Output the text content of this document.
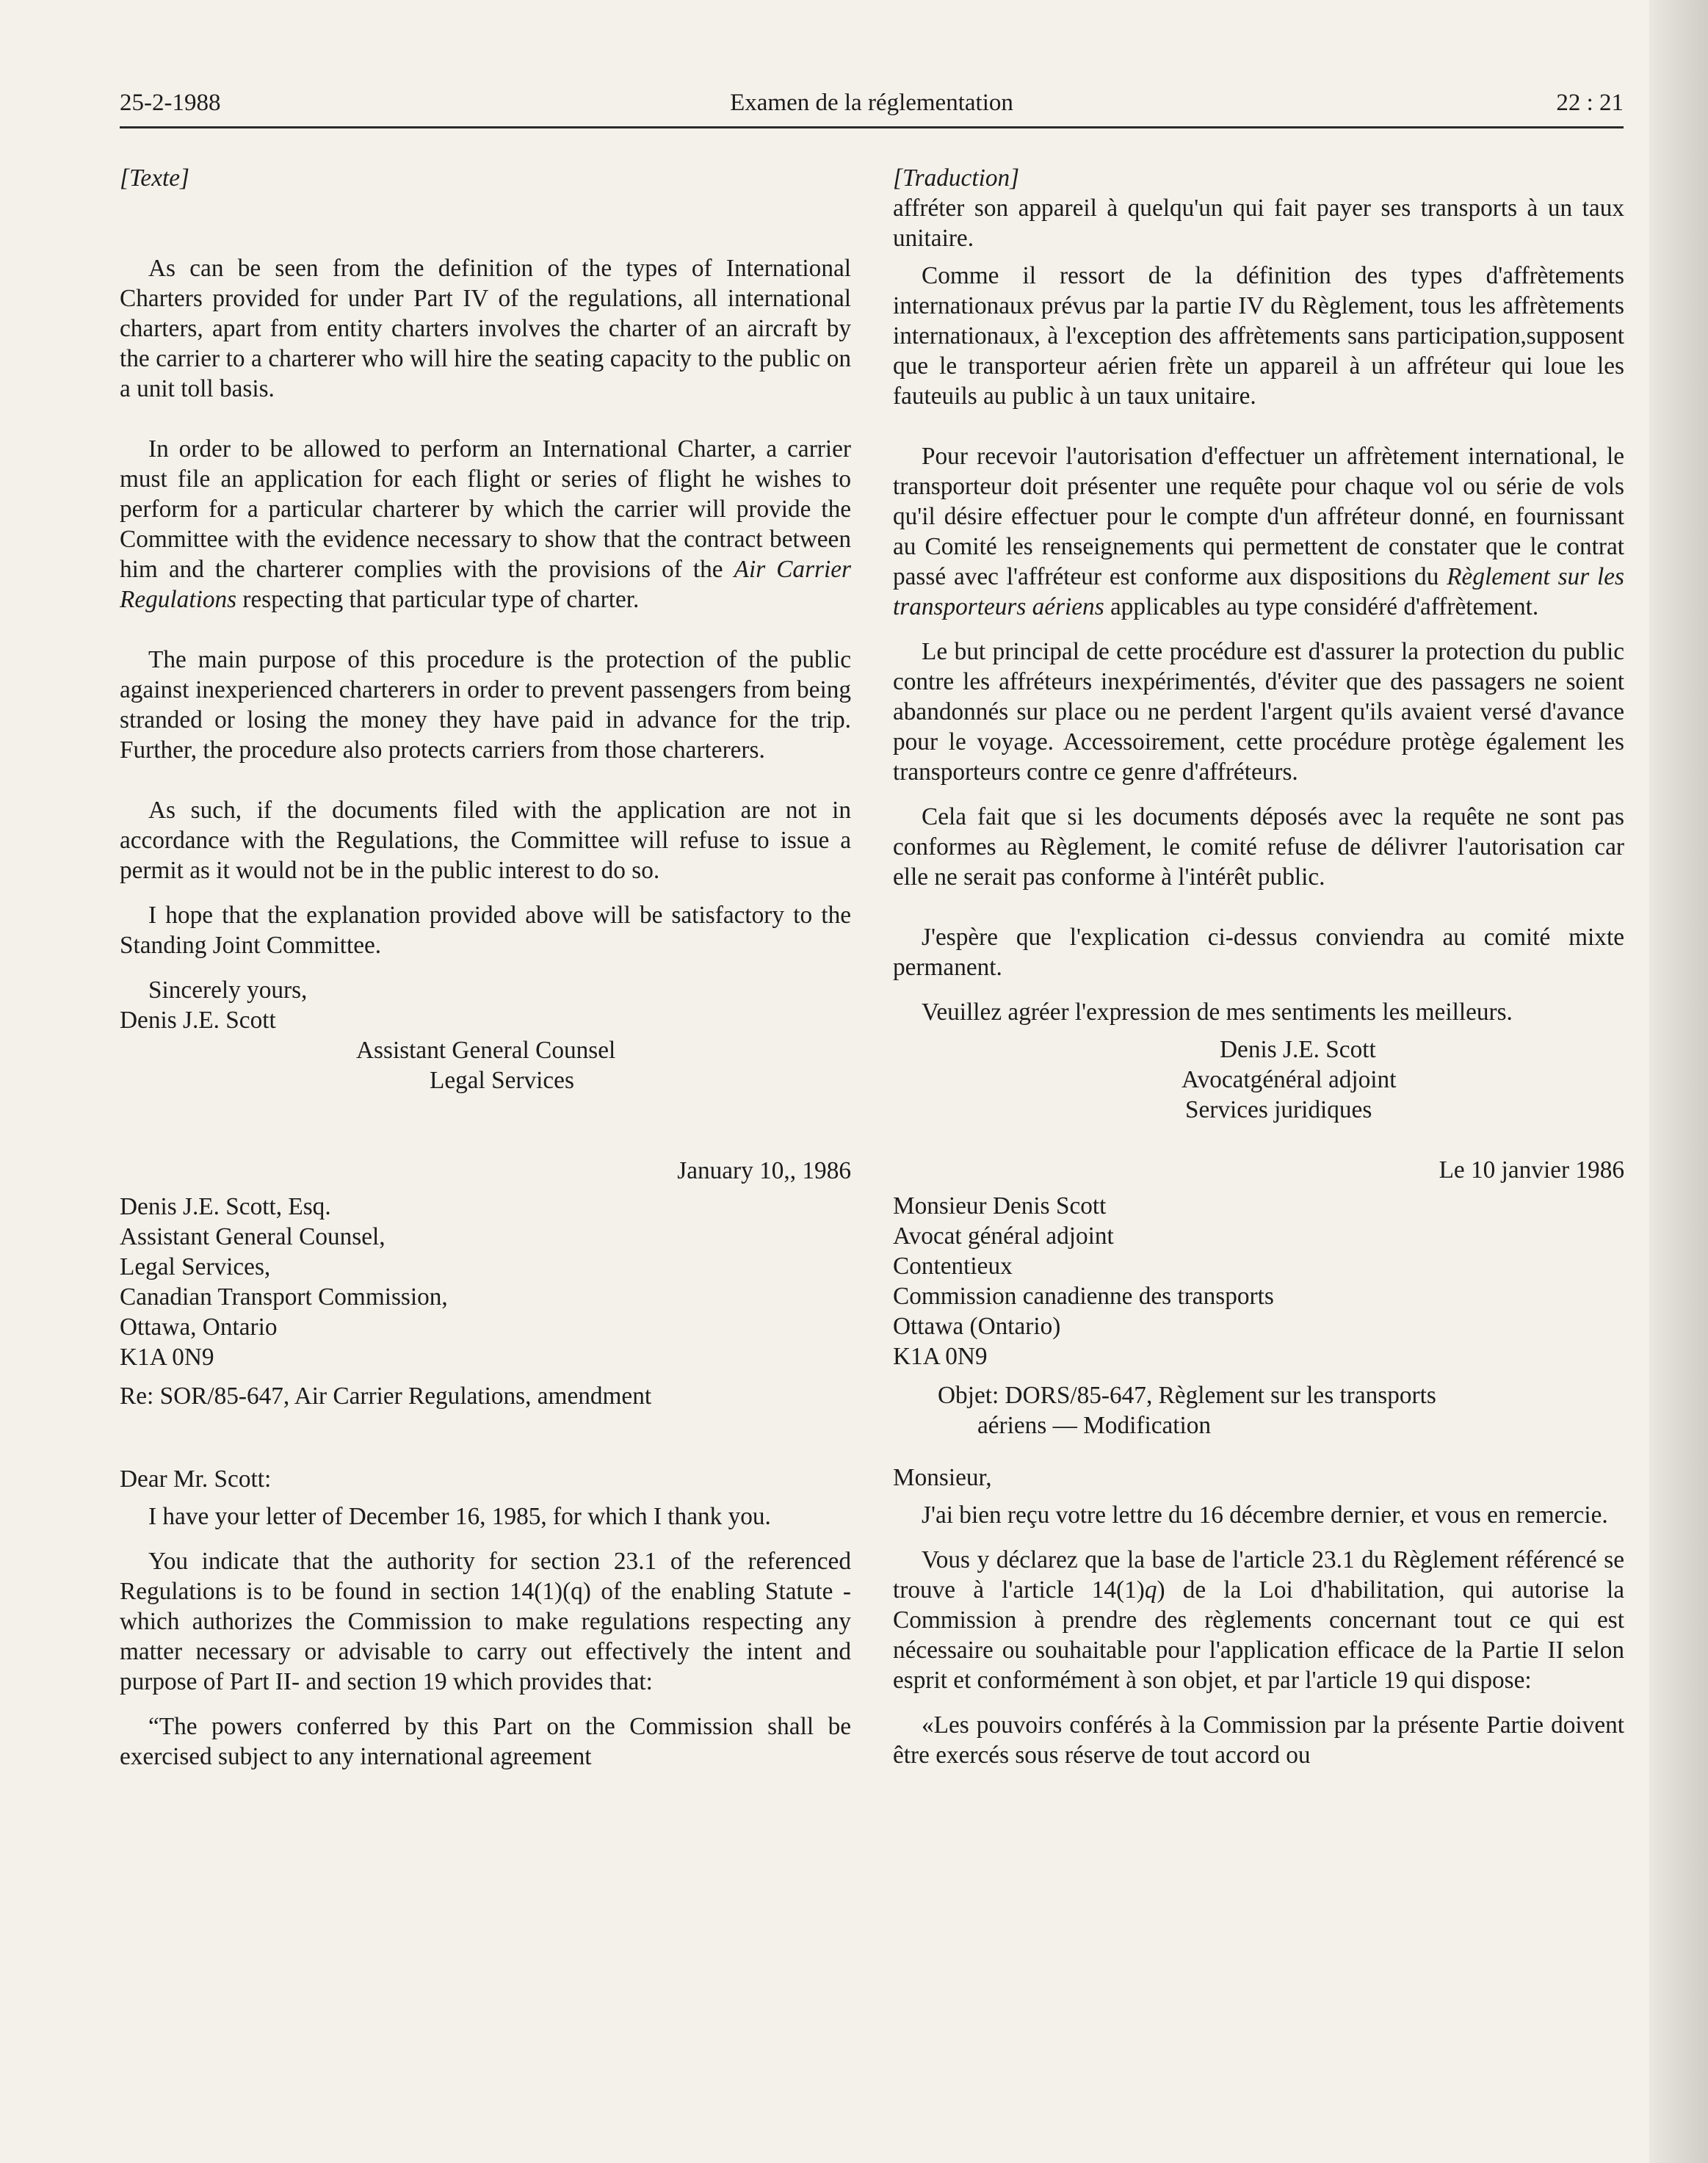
Examen de la réglementation
25-2-1988	22 : 21

[Texte]

As can be seen from the definition of the types of International Charters provided for under Part IV of the regulations, all international charters, apart from entity charters involves the charter of an aircraft by the carrier to a charterer who will hire the seating capacity to the public on a unit toll basis.

In order to be allowed to perform an International Charter, a carrier must file an application for each flight or series of flight he wishes to perform for a particular charterer by which the carrier will provide the Committee with the evidence necessary to show that the contract between him and the charterer complies with the provisions of the Air Carrier Regulations respecting that particular type of charter.

The main purpose of this procedure is the protection of the public against inexperienced charterers in order to prevent passengers from being stranded or losing the money they have paid in advance for the trip. Further, the procedure also protects carriers from those charterers.

As such, if the documents filed with the application are not in accordance with the Regulations, the Committee will refuse to issue a permit as it would not be in the public interest to do so.

I hope that the explanation provided above will be satisfactory to the Standing Joint Committee.

Sincerely yours,

Denis J.E. Scott

Assistant General Counsel

Legal Services

January 10,, 1986

Denis J.E. Scott, Esq.

Assistant General Counsel,

Legal Services,

Canadian Transport Commission,

Ottawa, Ontario

K1A 0N9

Re: SOR/85-647, Air Carrier Regulations, amendment

Dear Mr. Scott:

I have your letter of December 16, 1985, for which I thank you.

You indicate that the authority for section 23.1 of the referenced Regulations is to be found in section 14(1)(q) of the enabling Statute -which authorizes the Commission to make regulations respecting any matter necessary or advisable to carry out effectively the intent and purpose of Part II- and section 19 which provides that:

“The powers conferred by this Part on the Commission shall be exercised subject to any international agreement

[Traduction]

affréter son appareil à quelqu'un qui fait payer ses transports à un taux unitaire.

Comme il ressort de la définition des types d'affrètements internationaux prévus par la partie IV du Règlement, tous les affrètements internationaux, à l'exception des affrètements sans participation,supposent que le transporteur aérien frète un appareil à un affréteur qui loue les fauteuils au public à un taux unitaire.

Pour recevoir l'autorisation d'effectuer un affrètement international, le transporteur doit présenter une requête pour chaque vol ou série de vols qu'il désire effectuer pour le compte d'un affréteur donné, en fournissant au Comité les renseignements qui permettent de constater que le contrat passé avec l'affréteur est conforme aux dispositions du Règlement sur les transporteurs aériens applicables au type considéré d'affrètement.

Le but principal de cette procédure est d'assurer la protection du public contre les affréteurs inexpérimentés, d'éviter que des passagers ne soient abandonnés sur place ou ne perdent l'argent qu'ils avaient versé d'avance pour le voyage. Accessoirement, cette procédure protège également les transporteurs contre ce genre d'affréteurs.

Cela fait que si les documents déposés avec la requête ne sont pas conformes au Règlement, le comité refuse de délivrer l'autorisation car elle ne serait pas conforme à l'intérêt public.

J'espère que l'explication ci-dessus conviendra au comité mixte permanent.

Veuillez agréer l'expression de mes sentiments les meilleurs.

Denis J.E. Scott

Avocatgénéral adjoint

Services juridiques

Le 10 janvier 1986

Monsieur Denis Scott

Avocat général adjoint

Contentieux

Commission canadienne des transports

Ottawa (Ontario)

K1A 0N9

Objet: DORS/85-647, Règlement sur les transports

aériens — Modification

Monsieur,

J'ai bien reçu votre lettre du 16 décembre dernier, et vous en remercie.

Vous y déclarez que la base de l'article 23.1 du Règlement référencé se trouve à l'article 14(1)q) de la Loi d'habilitation, qui autorise la Commission à prendre des règlements concernant tout ce qui est nécessaire ou souhaitable pour l'application efficace de la Partie II selon esprit et conformément à son objet, et par l'article 19 qui dispose:

«Les pouvoirs conférés à la Commission par la présente Partie doivent être exercés sous réserve de tout accord ou
